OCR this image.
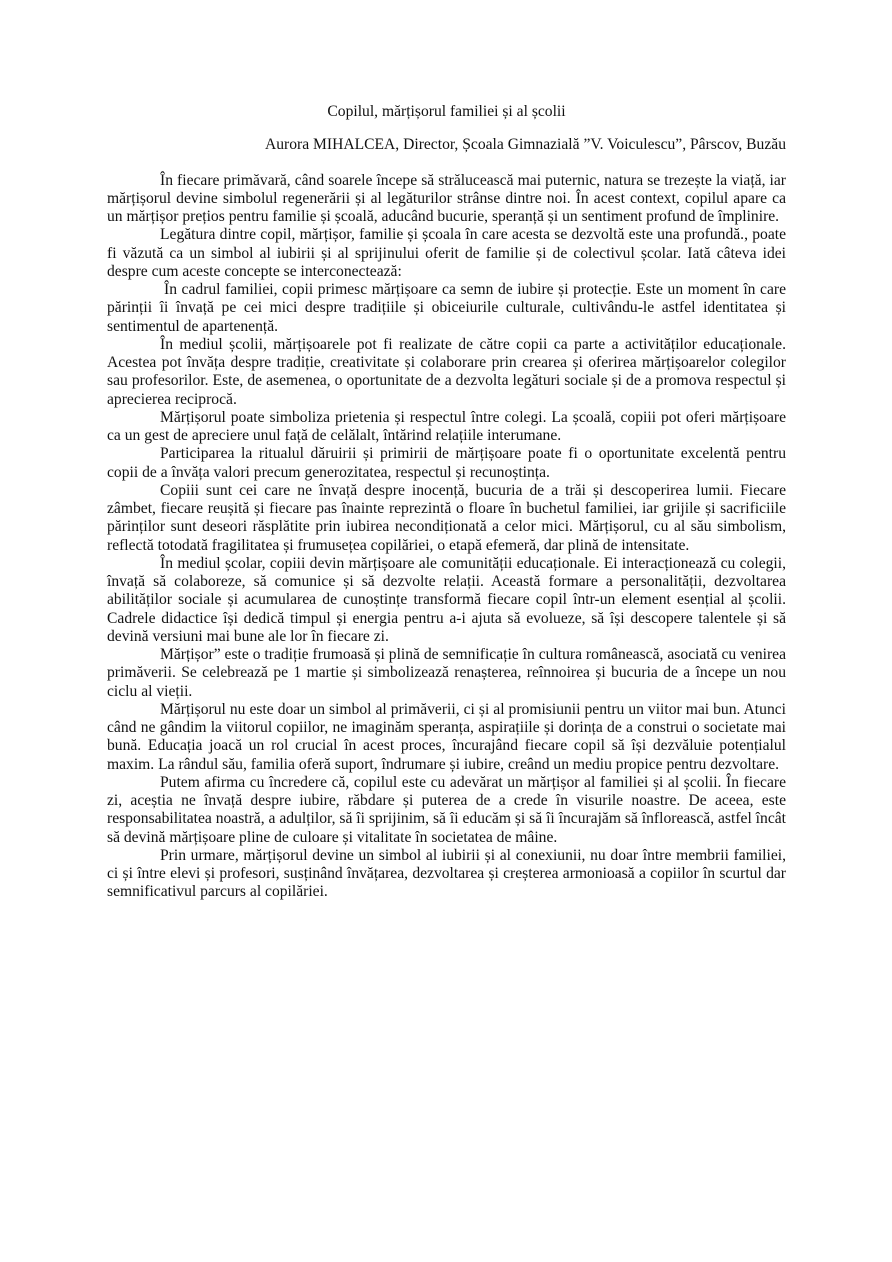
Copilul, mărțișorul familiei și al școlii

Aurora MIHALCEA, Director, Școala Gimnazială ”V. Voiculescu”, Pârscov, Buzău

În fiecare primăvară, când soarele începe să strălucească mai puternic, natura se trezește la viață, iar mărțișorul devine simbolul regenerării și al legăturilor strânse dintre noi. În acest context, copilul apare ca un mărțișor prețios pentru familie și școală, aducând bucurie, speranță și un sentiment profund de împlinire.

Legătura dintre copil, mărțișor, familie și școala în care acesta se dezvoltă este una profundă., poate fi văzută ca un simbol al iubirii și al sprijinului oferit de familie și de colectivul școlar. Iată câteva idei despre cum aceste concepte se interconectează:

În cadrul familiei, copii primesc mărțișoare ca semn de iubire și protecție. Este un moment în care părinții îi învață pe cei mici despre tradițiile și obiceiurile culturale, cultivându-le astfel identitatea și sentimentul de apartenență.

În mediul școlii, mărțișoarele pot fi realizate de către copii ca parte a activităților educaționale. Acestea pot învăța despre tradiție, creativitate și colaborare prin crearea și oferirea mărțișoarelor colegilor sau profesorilor. Este, de asemenea, o oportunitate de a dezvolta legături sociale și de a promova respectul și aprecierea reciprocă.

Mărțișorul poate simboliza prietenia și respectul între colegi. La școală, copiii pot oferi mărțișoare ca un gest de apreciere unul față de celălalt, întărind relațiile interumane.

Participarea la ritualul dăruirii și primirii de mărțișoare poate fi o oportunitate excelentă pentru copii de a învăța valori precum generozitatea, respectul și recunoștința.

Copiii sunt cei care ne învață despre inocență, bucuria de a trăi și descoperirea lumii. Fiecare zâmbet, fiecare reușită și fiecare pas înainte reprezintă o floare în buchetul familiei, iar grijile și sacrificiile părinților sunt deseori răsplătite prin iubirea necondiționată a celor mici. Mărțișorul, cu al său simbolism, reflectă totodată fragilitatea și frumusețea copilăriei, o etapă efemeră, dar plină de intensitate.

În mediul școlar, copiii devin mărțișoare ale comunității educaționale. Ei interacționează cu colegii, învață să colaboreze, să comunice și să dezvolte relații. Această formare a personalității, dezvoltarea abilităților sociale și acumularea de cunoștințe transformă fiecare copil într-un element esențial al școlii. Cadrele didactice își dedică timpul și energia pentru a-i ajuta să evolueze, să își descopere talentele și să devină versiuni mai bune ale lor în fiecare zi.

Mărțișor” este o tradiție frumoasă și plină de semnificație în cultura românească, asociată cu venirea primăverii. Se celebrează pe 1 martie și simbolizează renașterea, reînnoirea și bucuria de a începe un nou ciclu al vieții.

Mărțișorul nu este doar un simbol al primăverii, ci și al promisiunii pentru un viitor mai bun. Atunci când ne gândim la viitorul copiilor, ne imaginăm speranța, aspirațiile și dorința de a construi o societate mai bună. Educația joacă un rol crucial în acest proces, încurajând fiecare copil să își dezvăluie potențialul maxim. La rândul său, familia oferă suport, îndrumare și iubire, creând un mediu propice pentru dezvoltare.

Putem afirma cu încredere că, copilul este cu adevărat un mărțișor al familiei și al școlii. În fiecare zi, aceștia ne învață despre iubire, răbdare și puterea de a crede în visurile noastre. De aceea, este responsabilitatea noastră, a adulților, să îi sprijinim, să îi educăm și să îi încurajăm să înflorească, astfel încât să devină mărțișoare pline de culoare și vitalitate în societatea de mâine.

Prin urmare, mărțișorul devine un simbol al iubirii și al conexiunii, nu doar între membrii familiei, ci și între elevi și profesori, susținând învățarea, dezvoltarea și creșterea armonioasă a copiilor în scurtul dar semnificativul parcurs al copilăriei.
